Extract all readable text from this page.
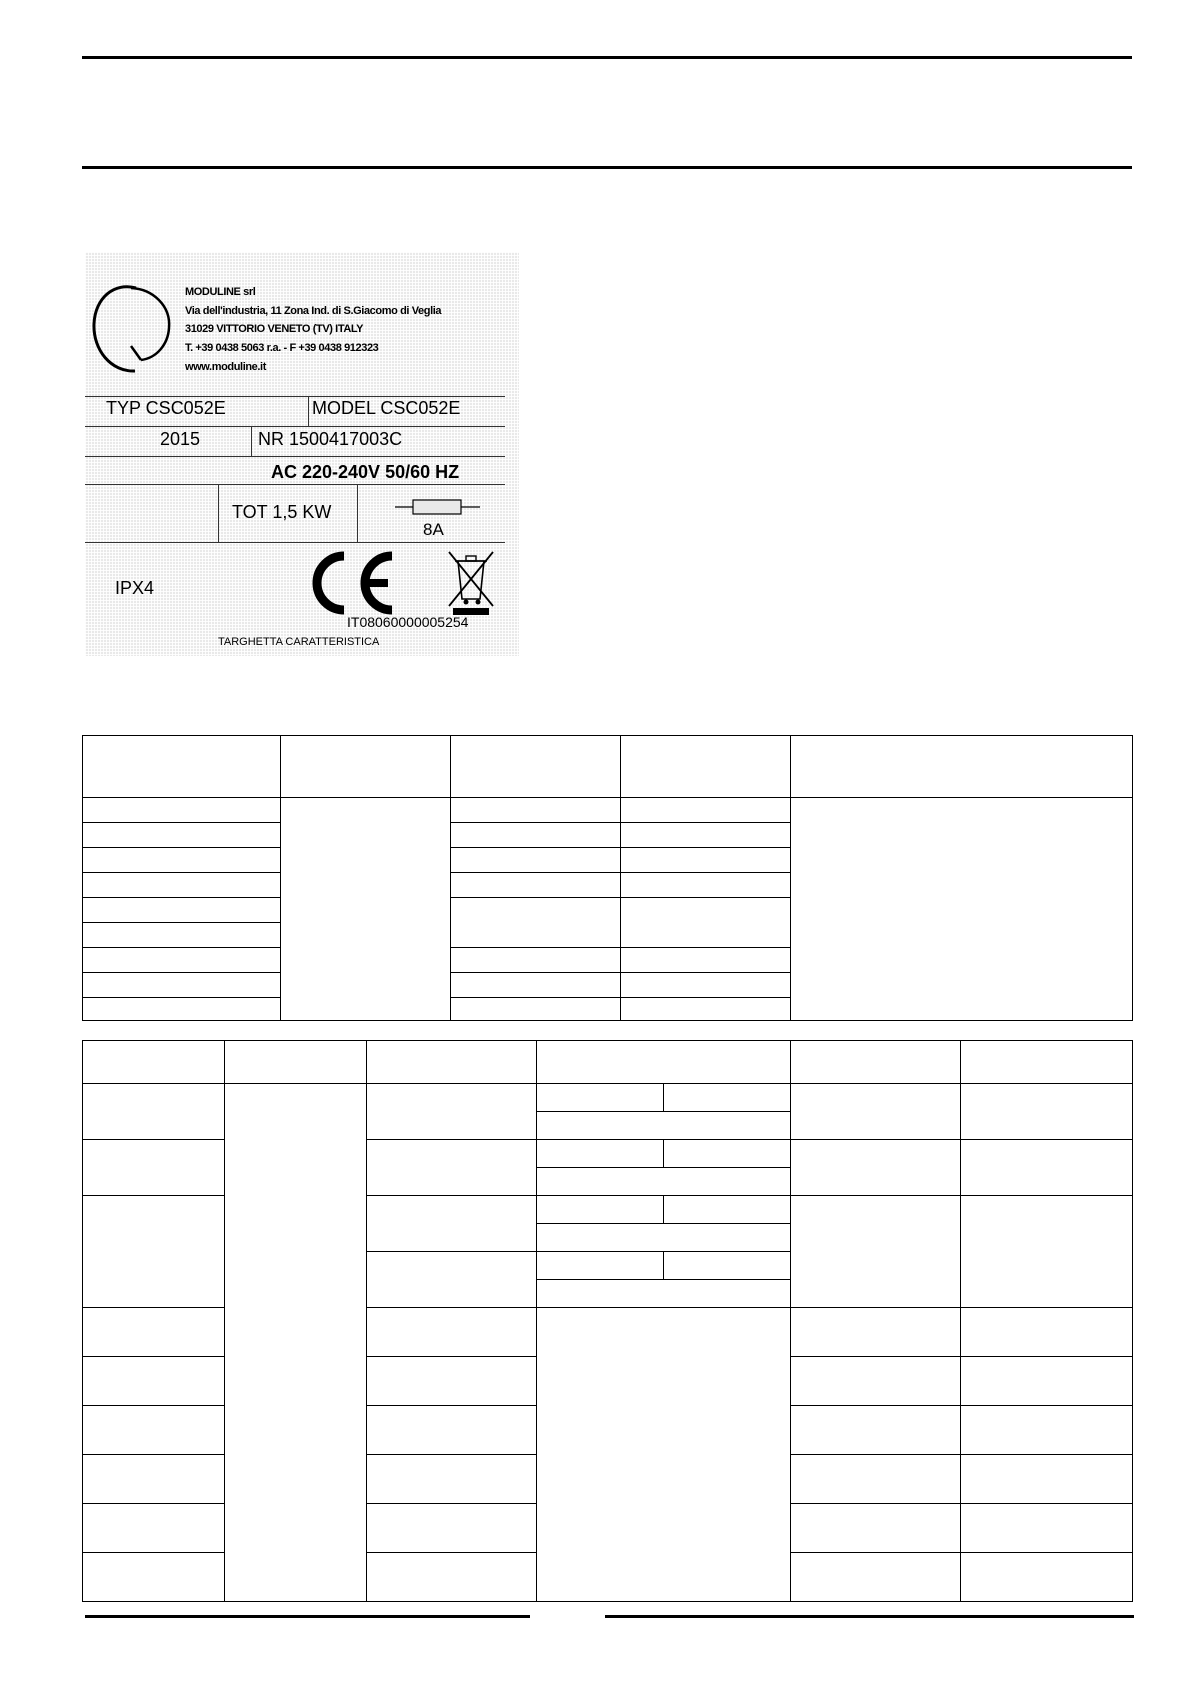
MODULINE srl
Via dell'industria, 11 Zona Ind. di S.Giacomo di Veglia
31029 VITTORIO VENETO (TV) ITALY
T. +39 0438 5063 r.a. - F +39 0438 912323
www.moduline.it
TYP CSC052E	MODEL CSC052E
2015	NR 1500417003C
AC 220-240V 50/60 HZ
TOT 1,5 KW
8A
IPX4
IT08060000005254
TARGHETTA CARATTERISTICA
